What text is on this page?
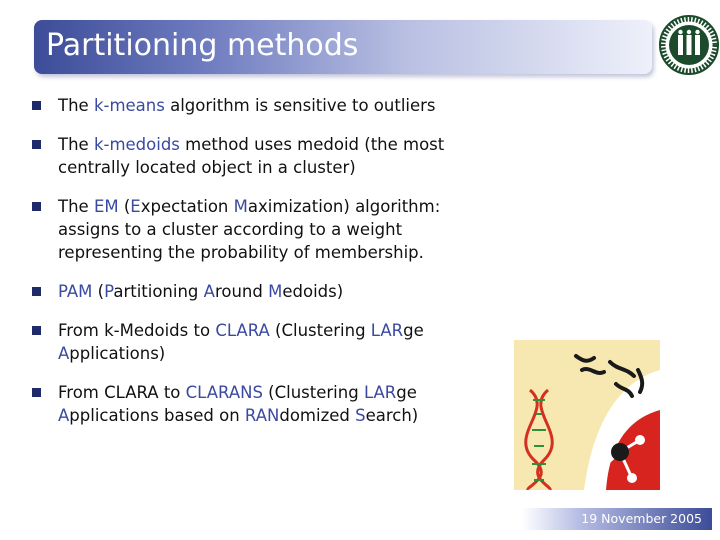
Partitioning methods
The k-means algorithm is sensitive to outliers
The k-medoids method uses medoid (the most centrally located object in a cluster)
The EM (Expectation Maximization) algorithm: assigns to a cluster according to a weight representing the probability of membership.
PAM (Partitioning Around Medoids)
From k-Medoids to CLARA (Clustering LARge Applications)
From CLARA to CLARANS (Clustering LARge Applications based on RANdomized Search)
19 November 2005
